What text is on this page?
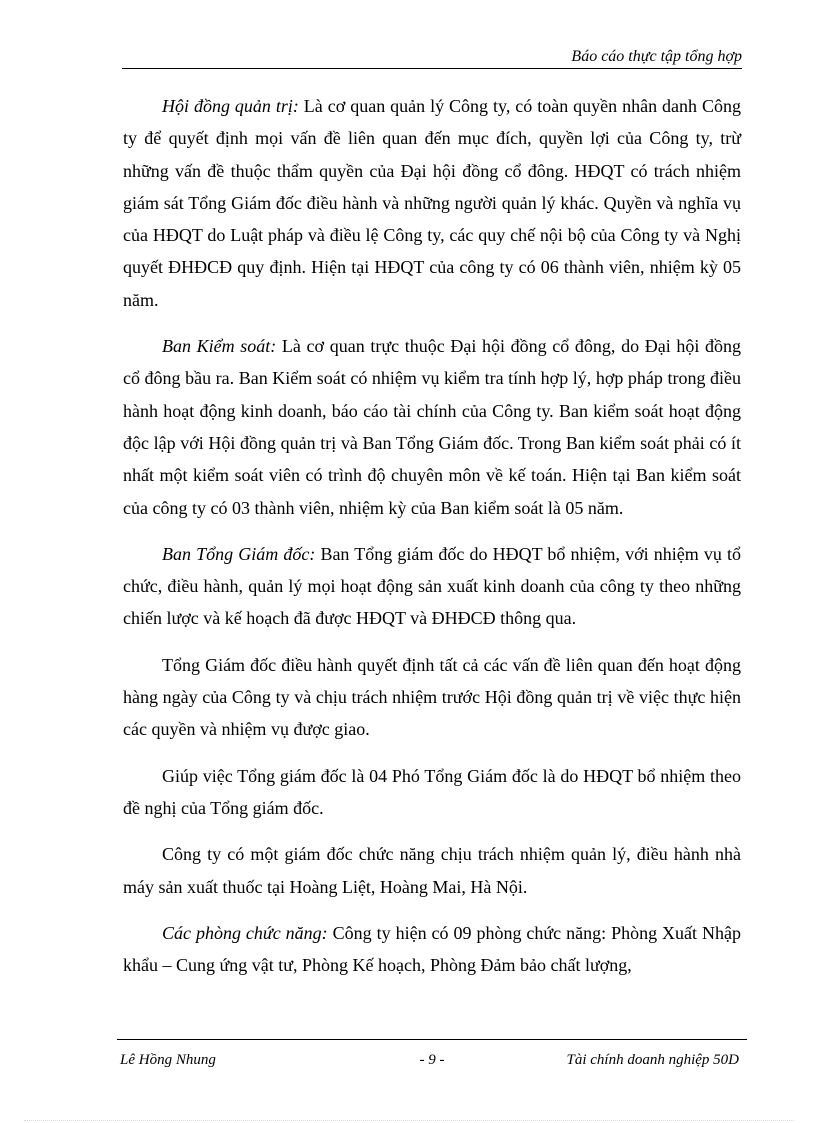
Báo cáo thực tập tổng hợp

Hội đồng quản trị: Là cơ quan quản lý Công ty, có toàn quyền nhân danh Công ty để quyết định mọi vấn đề liên quan đến mục đích, quyền lợi của Công ty, trừ những vấn đề thuộc thẩm quyền của Đại hội đồng cổ đông. HĐQT có trách nhiệm giám sát Tổng Giám đốc điều hành và những người quản lý khác. Quyền và nghĩa vụ của HĐQT do Luật pháp và điều lệ Công ty, các quy chế nội bộ của Công ty và Nghị quyết ĐHĐCĐ quy định. Hiện tại HĐQT của công ty có 06 thành viên, nhiệm kỳ 05 năm.

Ban Kiểm soát: Là cơ quan trực thuộc Đại hội đồng cổ đông, do Đại hội đồng cổ đông bầu ra. Ban Kiểm soát có nhiệm vụ kiểm tra tính hợp lý, hợp pháp trong điều hành hoạt động kinh doanh, báo cáo tài chính của Công ty. Ban kiểm soát hoạt động độc lập với Hội đồng quản trị và Ban Tổng Giám đốc. Trong Ban kiểm soát phải có ít nhất một kiểm soát viên có trình độ chuyên môn về kế toán. Hiện tại Ban kiểm soát của công ty có 03 thành viên, nhiệm kỳ của Ban kiểm soát là 05 năm.

Ban Tổng Giám đốc: Ban Tổng giám đốc do HĐQT bổ nhiệm, với nhiệm vụ tổ chức, điều hành, quản lý mọi hoạt động sản xuất kinh doanh của công ty theo những chiến lược và kế hoạch đã được HĐQT và ĐHĐCĐ thông qua.

Tổng Giám đốc điều hành quyết định tất cả các vấn đề liên quan đến hoạt động hàng ngày của Công ty và chịu trách nhiệm trước Hội đồng quản trị về việc thực hiện các quyền và nhiệm vụ được giao.

Giúp việc Tổng giám đốc là 04 Phó Tổng Giám đốc là do HĐQT bổ nhiệm theo đề nghị của Tổng giám đốc.

Công ty có một giám đốc chức năng chịu trách nhiệm quản lý, điều hành nhà máy sản xuất thuốc tại Hoàng Liệt, Hoàng Mai, Hà Nội.

Các phòng chức năng: Công ty hiện có 09 phòng chức năng: Phòng Xuất Nhập khẩu – Cung ứng vật tư, Phòng Kế hoạch, Phòng Đảm bảo chất lượng,

Lê Hồng Nhung	- 9 -	Tài chính doanh nghiệp 50D
